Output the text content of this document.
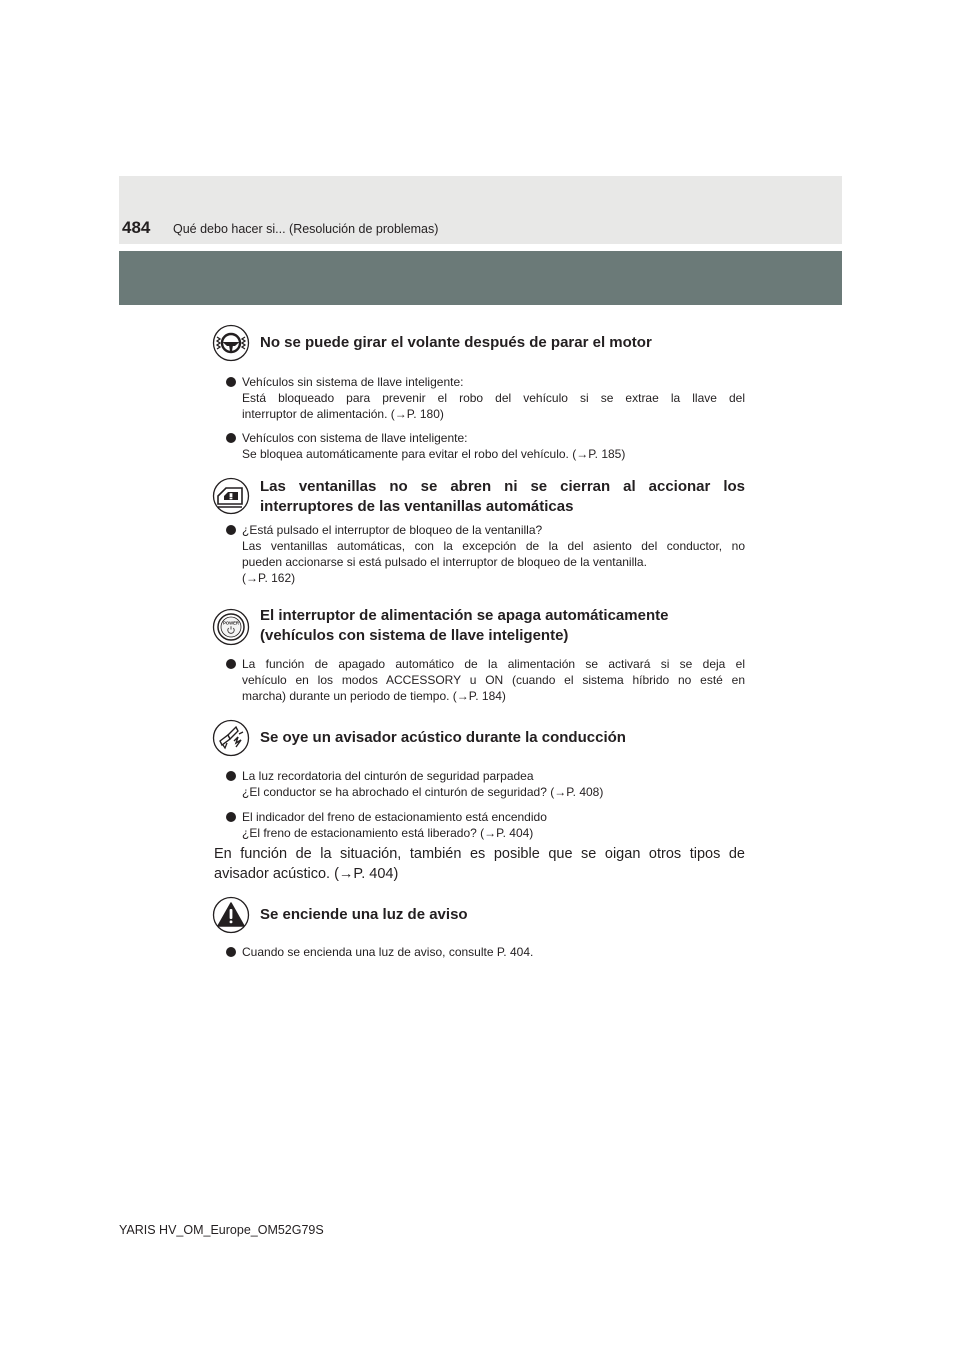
484 Qué debo hacer si... (Resolución de problemas)
No se puede girar el volante después de parar el motor
Vehículos sin sistema de llave inteligente:
Está bloqueado para prevenir el robo del vehículo si se extrae la llave del
interruptor de alimentación. (→P. 180)
Vehículos con sistema de llave inteligente:
Se bloquea automáticamente para evitar el robo del vehículo. (→P. 185)
Las ventanillas no se abren ni se cierran al accionar los
interruptores de las ventanillas automáticas
¿Está pulsado el interruptor de bloqueo de la ventanilla?
Las ventanillas automáticas, con la excepción de la del asiento del conductor, no
pueden accionarse si está pulsado el interruptor de bloqueo de la ventanilla.
(→P. 162)
POWER El interruptor de alimentación se apaga automáticamente
(vehículos con sistema de llave inteligente)
La función de apagado automático de la alimentación se activará si se deja el
vehículo en los modos ACCESSORY u ON (cuando el sistema híbrido no esté en
marcha) durante un periodo de tiempo. (→P. 184)
Se oye un avisador acústico durante la conducción
La luz recordatoria del cinturón de seguridad parpadea
¿El conductor se ha abrochado el cinturón de seguridad? (→P. 408)
El indicador del freno de estacionamiento está encendido
¿El freno de estacionamiento está liberado? (→P. 404)
En función de la situación, también es posible que se oigan otros tipos de
avisador acústico. (→P. 404)
Se enciende una luz de aviso
Cuando se encienda una luz de aviso, consulte P. 404.
YARIS HV_OM_Europe_OM52G79S
